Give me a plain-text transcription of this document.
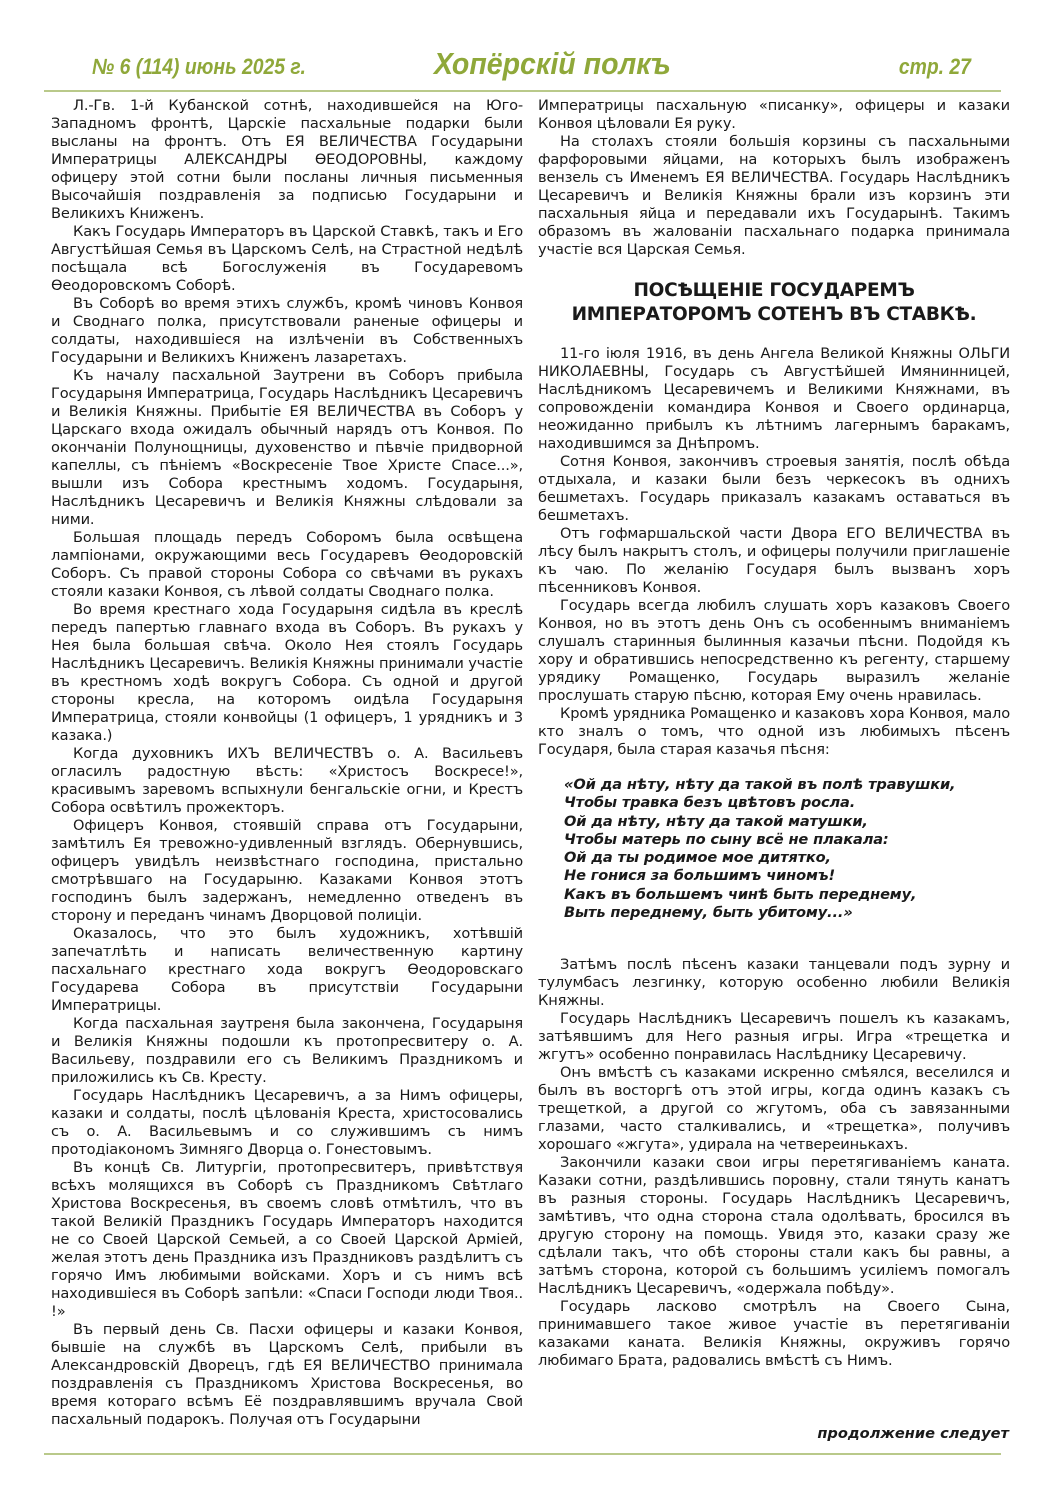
№ 6 (114) июнь 2025 г.	Хопёрскiй полкъ	стр. 27

Л.-Гв. 1-й Кубанской сотнѣ, находившейся на Юго-Западномъ фронтѣ, Царскiе пасхальные подарки были высланы на фронтъ. Отъ ЕЯ ВЕЛИЧЕСТВА Государыни Императрицы АЛЕКСАНДРЫ ѲЕОДОРОВНЫ, каждому офицеру этой сотни были посланы личныя письменныя Высочайшiя поздравленiя за подписью Государыни и Великихъ Книженъ.

Какъ Государь Императоръ въ Царской Ставкѣ, такъ и Его Августѣйшая Семья въ Царскомъ Селѣ, на Страстной недѣлѣ посѣщала всѣ Богослуженiя въ Государевомъ Ѳеодоровскомъ Соборѣ.

Въ Соборѣ во время этихъ службъ, кромѣ чиновъ Конвоя и Своднаго полка, присутствовали раненые офицеры и солдаты, находившiеся на излѣченiи въ Собственныхъ Государыни и Великихъ Книженъ лазаретахъ.

Къ началу пасхальной Заутрени въ Соборъ прибыла Государыня Императрица, Государь Наслѣдникъ Цесаревичъ и Великiя Княжны. Прибытiе ЕЯ ВЕЛИЧЕСТВА въ Соборъ у Царскаго входа ожидалъ обычный нарядъ отъ Конвоя. По окончанiи Полунощницы, духовенство и пѣвчiе придворной капеллы, съ пѣнiемъ «Воскресенiе Твое Христе Спасе...», вышли изъ Собора крестнымъ ходомъ. Государыня, Наслѣдникъ Цесаревичъ и Великiя Княжны слѣдовали за ними.

Большая площадь передъ Соборомъ была освѣщена лампiонами, окружающими весь Государевъ Ѳеодоровскiй Соборъ. Съ правой стороны Собора со свѣчами въ рукахъ стояли казаки Конвоя, съ лѣвой солдаты Своднаго полка.

Во время крестнаго хода Государыня сидѣла въ креслѣ передъ папертью главнаго входа въ Соборъ. Въ рукахъ у Нея была большая свѣча. Около Нея стоялъ Государь Наслѣдникъ Цесаревичъ. Великiя Княжны принимали участiе въ крестномъ ходѣ вокругъ Собора. Съ одной и другой стороны кресла, на которомъ оидѣла Государыня Императрица, стояли конвойцы (1 офицеръ, 1 урядникъ и 3 казака.)

Когда духовникъ ИХЪ ВЕЛИЧЕСТВЪ о. А. Васильевъ огласилъ радостную вѣсть: «Христосъ Воскресе!», красивымъ заревомъ вспыхнули бенгальскiе огни, и Крестъ Собора освѣтилъ прожекторъ.

Офицеръ Конвоя, стоявшiй справа отъ Государыни, замѣтилъ Ея тревожно-удивленный взглядъ. Обернувшись, офицеръ увидѣлъ неизвѣстнаго господина, пристально смотрѣвшаго на Государыню. Казаками Конвоя этотъ господинъ былъ задержанъ, немедленно отведенъ въ сторону и переданъ чинамъ Дворцовой полицiи.

Оказалось, что это былъ художникъ, хотѣвшiй запечатлѣть и написать величественную картину пасхальнаго крестнаго хода вокругъ Ѳеодоровскаго Государева Собора въ присутствiи Государыни Императрицы.

Когда пасхальная заутреня была закончена, Государыня и Великiя Княжны подошли къ протопресвитеру о. А. Васильеву, поздравили его съ Великимъ Праздникомъ и приложились къ Св. Кресту.

Государь Наслѣдникъ Цесаревичъ, а за Нимъ офицеры, казаки и солдаты, послѣ цѣлованiя Креста, христосовались съ о. А. Васильевымъ и со служившимъ съ нимъ протодiакономъ Зимняго Дворца о. Гонестовымъ.

Въ концѣ Св. Литургiи, протопресвитеръ, привѣтствуя всѣхъ молящихся въ Соборѣ съ Праздникомъ Свѣтлаго Христова Воскресенья, въ своемъ словѣ отмѣтилъ, что въ такой Великiй Праздникъ Государь Императоръ находится не со Своей Царской Семьей, а со Своей Царской Армiей, желая этотъ день Праздника изъ Праздниковъ раздѣлитъ съ горячо Имъ любимыми войсками. Хоръ и съ нимъ всѣ находившiеся въ Соборѣ запѣли: «Спаси Господи люди Твоя.. !»

Въ первый день Св. Пасхи офицеры и казаки Конвоя, бывшiе на службѣ въ Царскомъ Селѣ, прибыли въ Александровскiй Дворецъ, гдѣ ЕЯ ВЕЛИЧЕСТВО принимала поздравленiя съ Праздникомъ Христова Воскресенья, во время котораго всѣмъ Её поздравлявшимъ вручала Свой пасхальный подарокъ. Получая отъ Государыни

Императрицы пасхальную «писанку», офицеры и казаки Конвоя цѣловали Ея руку.

На столахъ стояли большiя корзины съ пасхальными фарфоровыми яйцами, на которыхъ былъ изображенъ вензель съ Именемъ ЕЯ ВЕЛИЧЕСТВА. Государь Наслѣдникъ Цесаревичъ и Великiя Княжны брали изъ корзинъ эти пасхальныя яйца и передавали ихъ Государынѣ. Такимъ образомъ въ жалованiи пасхальнаго подарка принимала участiе вся Царская Семья.

ПОСѢЩЕНIЕ ГОСУДАРЕМЪ
ИМПЕРАТОРОМЪ СОТЕНЪ ВЪ СТАВКѢ.

11-го iюля 1916, въ день Ангела Великой Княжны ОЛЬГИ НИКОЛАЕВНЫ, Государь съ Августѣйшей Имянинницей, Наслѣдникомъ Цесаревичемъ и Великими Княжнами, въ сопровожденiи командира Конвоя и Своего ординарца, неожиданно прибылъ къ лѣтнимъ лагернымъ баракамъ, находившимся за Днѣпромъ.

Сотня Конвоя, закончивъ строевыя занятiя, послѣ обѣда отдыхала, и казаки были безъ черкесокъ въ однихъ бешметахъ. Государь приказалъ казакамъ оставаться въ бешметахъ.

Отъ гофмаршальской части Двора ЕГО ВЕЛИЧЕСТВА въ лѣсу былъ накрытъ столъ, и офицеры получили приглашенiе къ чаю. По желанiю Государя былъ вызванъ хоръ пѣсенниковъ Конвоя.

Государь всегда любилъ слушать хоръ казаковъ Своего Конвоя, но въ этотъ день Онъ съ особеннымъ вниманiемъ слушалъ старинныя былинныя казачьи пѣсни. Подойдя къ хору и обратившись непосредственно къ регенту, старшему урядику Ромащенко, Государь выразилъ желанiе прослушать старую пѣсню, которая Ему очень нравилась.

Кромѣ урядника Ромащенко и казаковъ хора Конвоя, мало кто зналъ о томъ, что одной изъ любимыхъ пѣсенъ Государя, была старая казачья пѣсня:

«Ой да нѣту, нѣту да такой въ полѣ травушки,
Чтобы травка безъ цвѣтовъ росла.
Ой да нѣту, нѣту да такой матушки,
Чтобы матерь по сыну всё не плакала:
Ой да ты родимое мое дитятко,
Не гонися за большимъ чиномъ!
Какъ въ большемъ чинѣ быть переднему,
Выть переднему, быть убитому...»

Затѣмъ послѣ пѣсенъ казаки танцевали подъ зурну и тулумбасъ лезгинку, которую особенно любили Великiя Княжны.

Государь Наслѣдникъ Цесаревичъ пошелъ къ казакамъ, затѣявшимъ для Него разныя игры. Игра «трещетка и жгутъ» особенно понравилась Наслѣднику Цесаревичу.

Онъ вмѣстѣ съ казаками искренно смѣялся, веселился и былъ въ восторгѣ отъ этой игры, когда одинъ казакъ съ трещеткой, а другой со жгутомъ, оба съ завязанными глазами, часто сталкивались, и «трещетка», получивъ хорошаго «жгута», удирала на четвереинькахъ.

Закончили казаки свои игры перетягиванiемъ каната. Казаки сотни, раздѣлившись поровну, стали тянуть канатъ въ разныя стороны. Государь Наслѣдникъ Цесаревичъ, замѣтивъ, что одна сторона стала одолѣвать, бросился въ другую сторону на помощь. Увидя это, казаки сразу же сдѣлали такъ, что обѣ стороны стали какъ бы равны, а затѣмъ сторона, которой съ большимъ усилiемъ помогалъ Наслѣдникъ Цесаревичъ, «одержала побѣду».

Государь ласково смотрѣлъ на Своего Сына, принимавшего такое живое участiе въ перетягиванiи казаками каната. Великiя Княжны, окруживъ горячо любимаго Брата, радовались вмѣстѣ съ Нимъ.

продолжение следует
